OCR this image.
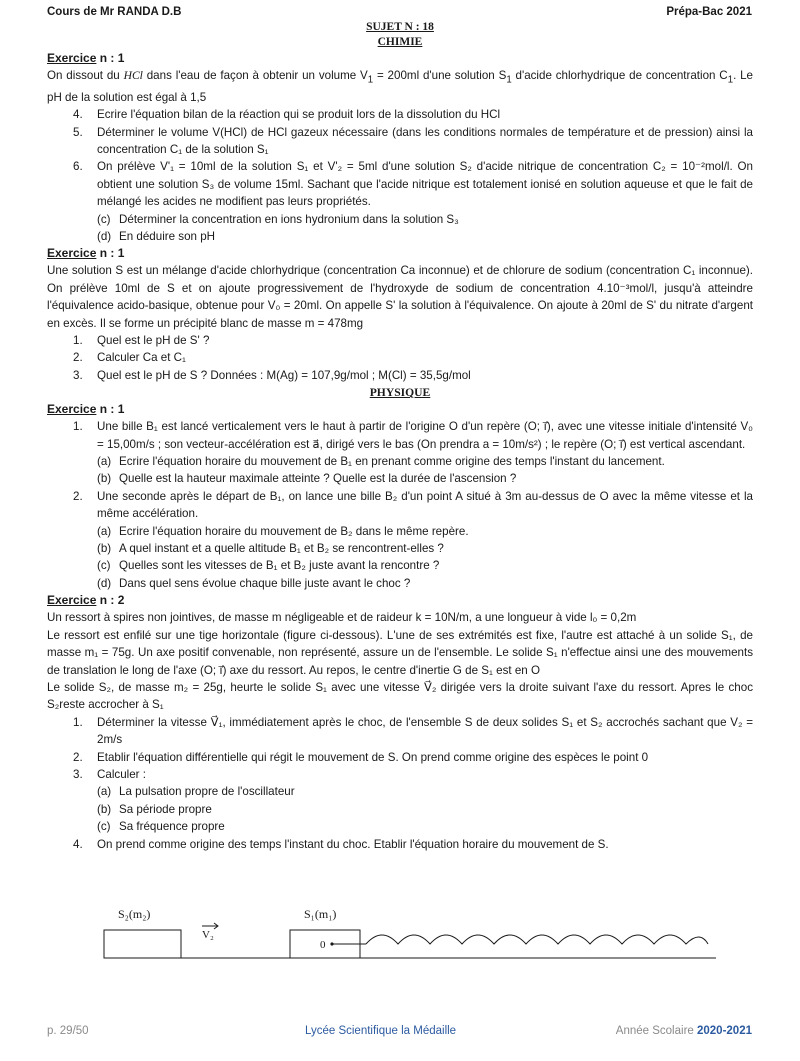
Cours de Mr RANDA D.B	Prépa-Bac 2021
SUJET N : 18
CHIMIE
Exercice n : 1

On dissout du HCl dans l'eau de façon à obtenir un volume $V_1 = 200ml$ d'une solution $S_1$ d'acide chlorhydrique de concentration $C_1$. Le pH de la solution est égal à 1,5

4. Ecrire l'équation bilan de la réaction qui se produit lors de la dissolution du HCl
5. Déterminer le volume V(HCl) de HCl gazeux nécessaire (dans les conditions normales de température et de pression) ainsi la concentration C₁ de la solution S₁
6. On prélève V'₁ = 10ml de la solution S₁ et V'₂ = 5ml d'une solution S₂ d'acide nitrique de concentration C₂ = 10⁻²mol/l. On obtient une solution S₃ de volume 15ml. Sachant que l'acide nitrique est totalement ionisé en solution aqueuse et que le fait de mélangé les acides ne modifient pas leurs propriétés.
(c) Déterminer la concentration en ions hydronium dans la solution S₃
(d) En déduire son pH
Exercice n : 1

Une solution S est un mélange d'acide chlorhydrique (concentration Ca inconnue) et de chlorure de sodium (concentration C₁ inconnue). On prélève 10ml de S et on ajoute progressivement de l'hydroxyde de sodium de concentration 4.10⁻³mol/l, jusqu'à atteindre l'équivalence acido-basique, obtenue pour V₀ = 20ml. On appelle S' la solution à l'équivalence. On ajoute à 20ml de S' du nitrate d'argent en excès. Il se forme un précipité blanc de masse m = 478mg

1. Quel est le pH de S' ?
2. Calculer Ca et C₁
3. Quel est le pH de S ? Données : M(Ag) = 107,9g/mol ; M(Cl) = 35,5g/mol
PHYSIQUE
Exercice n : 1
1. Une bille B₁ est lancé verticalement vers le haut à partir de l'origine O d'un repère (O; i⃗), avec une vitesse initiale d'intensité V₀ = 15,00m/s ; son vecteur-accélération est a⃗, dirigé vers le bas (On prendra a = 10m/s²) ; le repère (O; i⃗) est vertical ascendant.
(a) Ecrire l'équation horaire du mouvement de B₁ en prenant comme origine des temps l'instant du lancement.
(b) Quelle est la hauteur maximale atteinte ? Quelle est la durée de l'ascension ?
2. Une seconde après le départ de B₁, on lance une bille B₂ d'un point A situé à 3m au-dessus de O avec la même vitesse et la même accélération.
(a) Ecrire l'équation horaire du mouvement de B₂ dans le même repère.
(b) A quel instant et a quelle altitude B₁ et B₂ se rencontrent-elles ?
(c) Quelles sont les vitesses de B₁ et B₂ juste avant la rencontre ?
(d) Dans quel sens évolue chaque bille juste avant le choc ?
Exercice n : 2

Un ressort à spires non jointives, de masse m négligeable et de raideur k = 10N/m, a une longueur à vide l₀ = 0,2m

Le ressort est enfilé sur une tige horizontale (figure ci-dessous). L'une de ses extrémités est fixe, l'autre est attaché à un solide S₁, de masse m₁ = 75g. Un axe positif convenable, non représenté, assure un de l'ensemble. Le solide S₁ n'effectue ainsi une des mouvements de translation le long de l'axe (O; i⃗) axe du ressort. Au repos, le centre d'inertie G de S₁ est en O

Le solide S₂, de masse m₂ = 25g, heurte le solide S₁ avec une vitesse V⃗₂ dirigée vers la droite suivant l'axe du ressort. Apres le choc S₂reste accrocher à S₁

1. Déterminer la vitesse V⃗₁, immédiatement après le choc, de l'ensemble S de deux solides S₁ et S₂ accrochés sachant que V₂ = 2m/s
2. Etablir l'équation différentielle qui régit le mouvement de S. On prend comme origine des espèces le point 0
3. Calculer :
(a) La pulsation propre de l'oscillateur
(b) Sa période propre
(c) Sa fréquence propre
4. On prend comme origine des temps l'instant du choc. Etablir l'équation horaire du mouvement de S.
S₂(m₂)	S₁(m₁)
V₂
0
p. 29/50	Lycée Scientifique la Médaille	Année Scolaire 2020-2021
